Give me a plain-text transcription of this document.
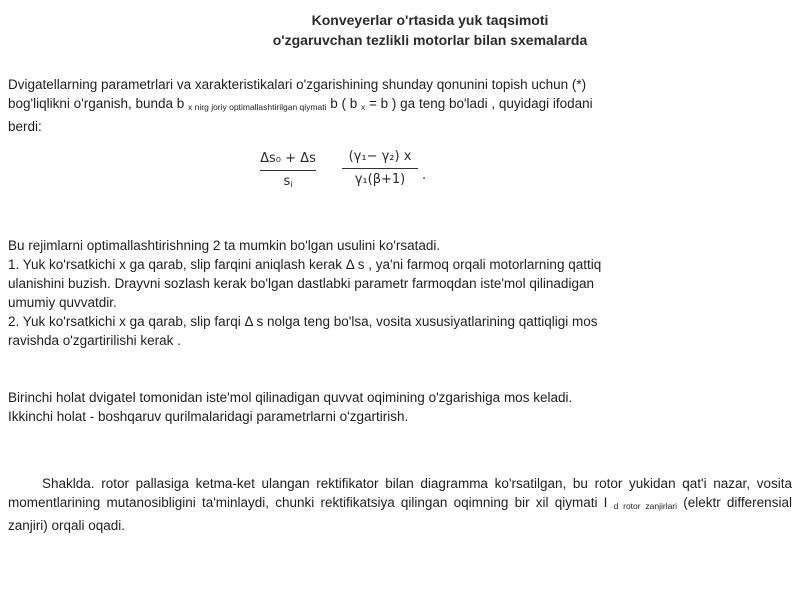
Konveyerlar o'rtasida yuk taqsimoti
o'zgaruvchan tezlikli motorlar bilan sxemalarda
Dvigatellarning parametrlari va xarakteristikalari o'zgarishining shunday qonunini topish uchun (*)
bog'liqlikni o'rganish, bunda b $_{x nirg joriy optimallashtirilgan qiymati}$ b ( b $_x$ = b ) ga teng bo'ladi , quyidagi ifodani
berdi:
Δs₀ + Δs
si
(γ₁− γ₂) x
γ₁(β+1)	.
Bu rejimlarni optimallashtirishning 2 ta mumkin bo'lgan usulini ko'rsatadi.
1. Yuk ko'rsatkichi x ga qarab, slip farqini aniqlash kerak Δ s , ya'ni farmoq orqali motorlarning qattiq
ulanishini buzish. Drayvni sozlash kerak bo'lgan dastlabki parametr farmoqdan iste'mol qilinadigan
umumiy quvvatdir.
2. Yuk ko'rsatkichi x ga qarab, slip farqi Δ s nolga teng bo'lsa, vosita xususiyatlarining qattiqligi mos
ravishda o'zgartirilishi kerak .
Birinchi holat dvigatel tomonidan iste'mol qilinadigan quvvat oqimining o'zgarishiga mos keladi.
Ikkinchi holat - boshqaruv qurilmalaridagi parametrlarni o'zgartirish.
Shaklda. rotor pallasiga ketma-ket ulangan rektifikator bilan diagramma ko'rsatilgan, bu rotor yukidan qat'i nazar, vosita momentlarining mutanosibligini ta'minlaydi, chunki rektifikatsiya qilingan oqimning bir xil qiymati I $_{d rotor zanjirlari}$ (elektr differensial zanjiri) orqali oqadi.
